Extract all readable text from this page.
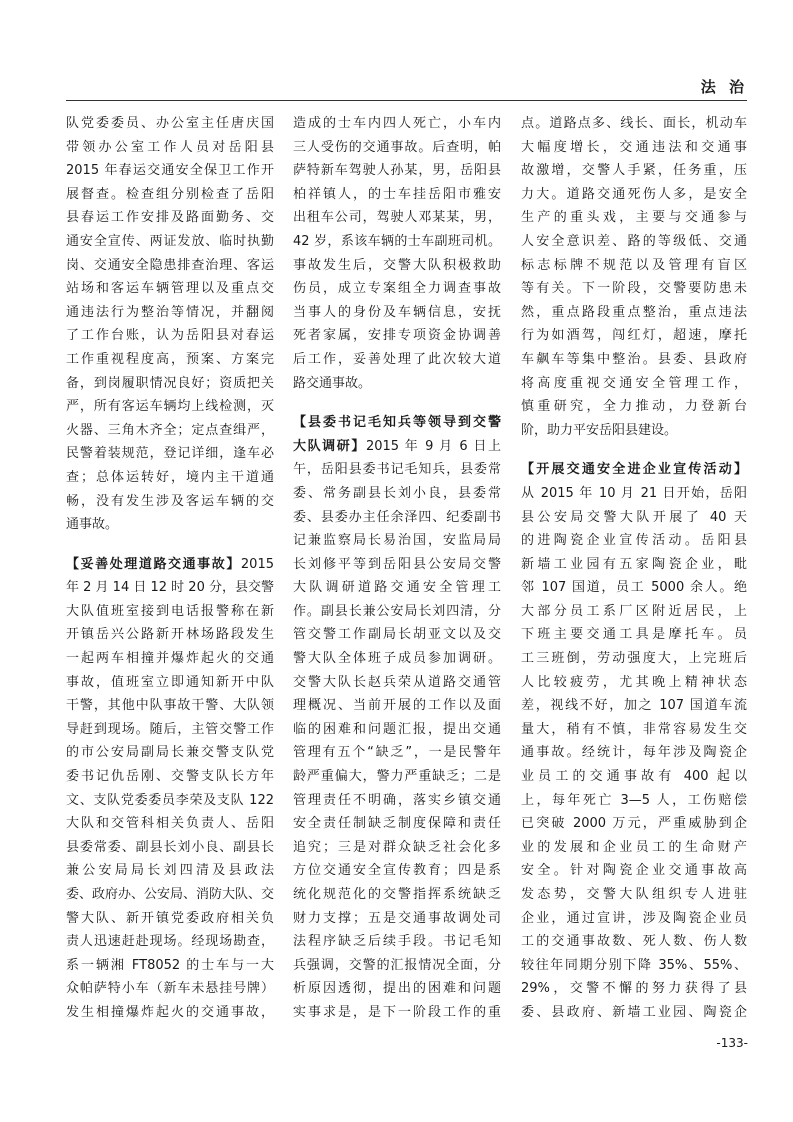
法 治
队党委委员、办公室主任唐庆国
带领办公室工作人员对岳阳县
2015 年春运交通安全保卫工作开
展督查。检查组分别检查了岳阳
县春运工作安排及路面勤务、交
通安全宣传、两证发放、临时执勤
岗、交通安全隐患排查治理、客运
站场和客运车辆管理以及重点交
通违法行为整治等情况，并翻阅
了工作台账，认为岳阳县对春运
工作重视程度高，预案、方案完
备，到岗履职情况良好；资质把关
严，所有客运车辆均上线检测，灭
火器、三角木齐全；定点查缉严，
民警着装规范，登记详细，逢车必
查；总体运转好，境内主干道通
畅，没有发生涉及客运车辆的交
通事故。
【妥善处理道路交通事故】2015
年 2 月 14 日 12 时 20 分，县交警
大队值班室接到电话报警称在新
开镇岳兴公路新开林场路段发生
一起两车相撞并爆炸起火的交通
事故，值班室立即通知新开中队
干警，其他中队事故干警、大队领
导赶到现场。随后，主管交警工作
的市公安局副局长兼交警支队党
委书记仇岳刚、交警支队长方年
文、支队党委委员李荣及支队 122
大队和交管科相关负责人、岳阳
县委常委、副县长刘小良、副县长
兼公安局局长刘四清及县政法
委、政府办、公安局、消防大队、交
警大队、新开镇党委政府相关负
责人迅速赶赴现场。经现场勘查，
系一辆湘 FT8052 的士车与一大
众帕萨特小车（新车未悬挂号牌）
发生相撞爆炸起火的交通事故，
造成的士车内四人死亡，小车内
三人受伤的交通事故。后查明，帕
萨特新车驾驶人孙某，男，岳阳县
柏祥镇人，的士车挂岳阳市雅安
出租车公司，驾驶人邓某某，男，
42 岁，系该车辆的士车副班司机。
事故发生后，交警大队积极救助
伤员，成立专案组全力调查事故
当事人的身份及车辆信息，安抚
死者家属，安排专项资金协调善
后工作，妥善处理了此次较大道
路交通事故。
【县委书记毛知兵等领导到交警
大队调研】2015 年 9 月 6 日上
午，岳阳县委书记毛知兵，县委常
委、常务副县长刘小良，县委常
委、县委办主任余泽四、纪委副书
记兼监察局长易治国，安监局局
长刘修平等到岳阳县公安局交警
大队调研道路交通安全管理工
作。副县长兼公安局长刘四清，分
管交警工作副局长胡亚文以及交
警大队全体班子成员参加调研。
交警大队长赵兵荣从道路交通管
理概况、当前开展的工作以及面
临的困难和问题汇报，提出交通
管理有五个“缺乏”，一是民警年
龄严重偏大，警力严重缺乏；二是
管理责任不明确，落实乡镇交通
安全责任制缺乏制度保障和责任
追究；三是对群众缺乏社会化多
方位交通安全宣传教育；四是系
统化规范化的交警指挥系统缺乏
财力支撑；五是交通事故调处司
法程序缺乏后续手段。书记毛知
兵强调，交警的汇报情况全面，分
析原因透彻，提出的困难和问题
实事求是，是下一阶段工作的重
点。道路点多、线长、面长，机动车
大幅度增长，交通违法和交通事
故激增，交警人手紧，任务重，压
力大。道路交通死伤人多，是安全
生产的重头戏，主要与交通参与
人安全意识差、路的等级低、交通
标志标牌不规范以及管理有盲区
等有关。下一阶段，交警要防患未
然，重点路段重点整治，重点违法
行为如酒驾，闯红灯，超速，摩托
车飙车等集中整治。县委、县政府
将高度重视交通安全管理工作，
慎重研究，全力推动，力登新台
阶，助力平安岳阳县建设。
【开展交通安全进企业宣传活动】
从 2015 年 10 月 21 日开始，岳阳
县公安局交警大队开展了 40 天
的进陶瓷企业宣传活动。岳阳县
新墙工业园有五家陶瓷企业，毗
邻 107 国道，员工 5000 余人。绝
大部分员工系厂区附近居民，上
下班主要交通工具是摩托车。员
工三班倒，劳动强度大，上完班后
人比较疲劳，尤其晚上精神状态
差，视线不好，加之 107 国道车流
量大，稍有不慎，非常容易发生交
通事故。经统计，每年涉及陶瓷企
业员工的交通事故有 400 起以
上，每年死亡 3—5 人，工伤赔偿
已突破 2000 万元，严重威胁到企
业的发展和企业员工的生命财产
安全。针对陶瓷企业交通事故高
发态势，交警大队组织专人进驻
企业，通过宣讲，涉及陶瓷企业员
工的交通事故数、死人数、伤人数
较往年同期分别下降 35%、55%、
29%，交警不懈的努力获得了县
委、县政府、新墙工业园、陶瓷企
-133-
